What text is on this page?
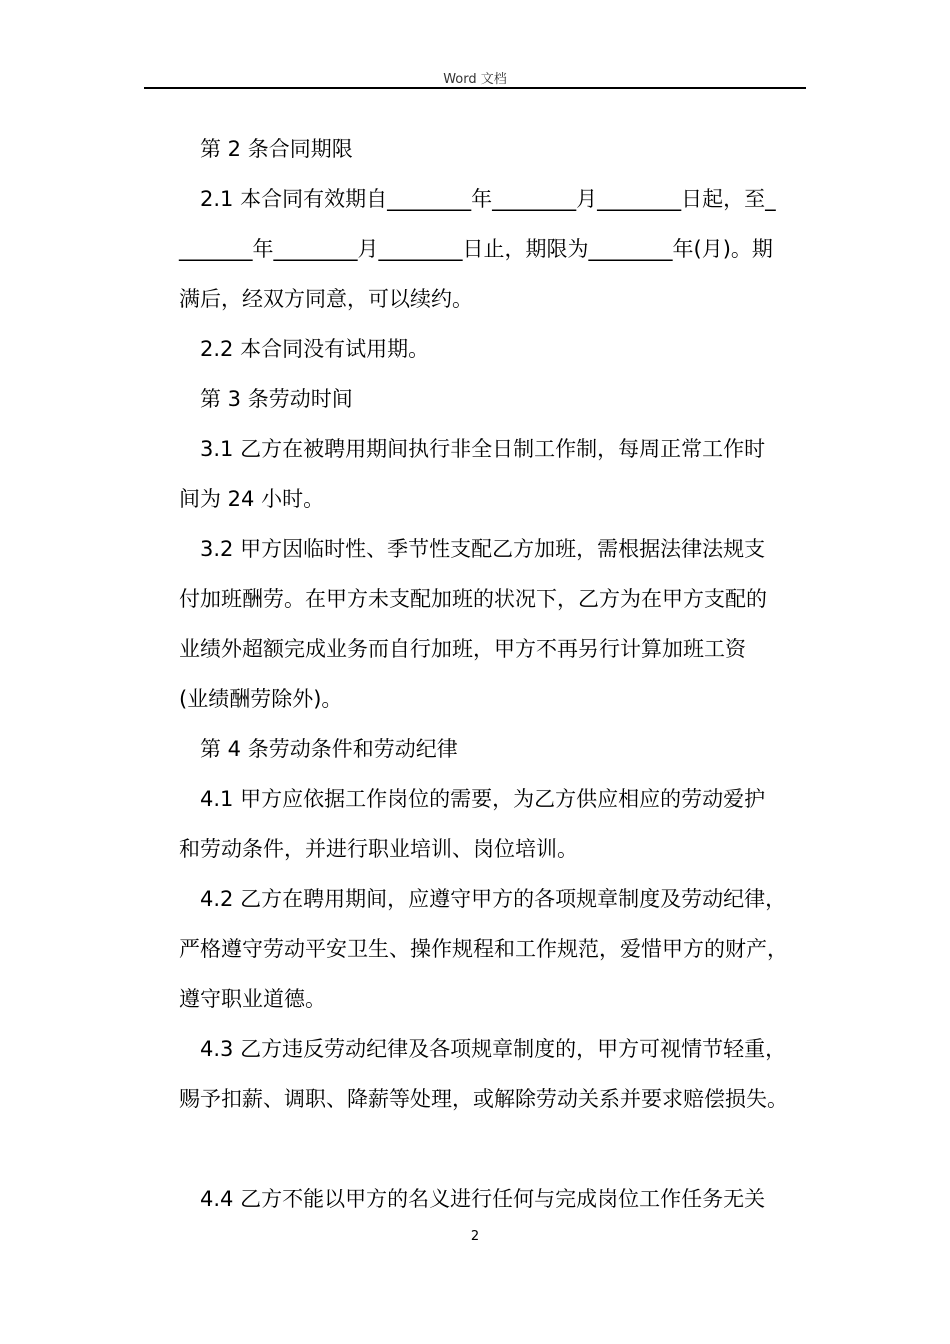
Word 文档

第 2 条合同期限

2.1 本合同有效期自________年________月________日起，至_

_______年________月________日止，期限为________年(月)。期

满后，经双方同意，可以续约。

2.2 本合同没有试用期。

第 3 条劳动时间

3.1 乙方在被聘用期间执行非全日制工作制，每周正常工作时

间为 24 小时。

3.2 甲方因临时性、季节性支配乙方加班，需根据法律法规支

付加班酬劳。在甲方未支配加班的状况下，乙方为在甲方支配的

业绩外超额完成业务而自行加班，甲方不再另行计算加班工资

(业绩酬劳除外)。

第 4 条劳动条件和劳动纪律

4.1 甲方应依据工作岗位的需要，为乙方供应相应的劳动爱护

和劳动条件，并进行职业培训、岗位培训。

4.2 乙方在聘用期间，应遵守甲方的各项规章制度及劳动纪律，

严格遵守劳动平安卫生、操作规程和工作规范，爱惜甲方的财产，

遵守职业道德。

4.3 乙方违反劳动纪律及各项规章制度的，甲方可视情节轻重，

赐予扣薪、调职、降薪等处理，或解除劳动关系并要求赔偿损失。

4.4 乙方不能以甲方的名义进行任何与完成岗位工作任务无关

2
